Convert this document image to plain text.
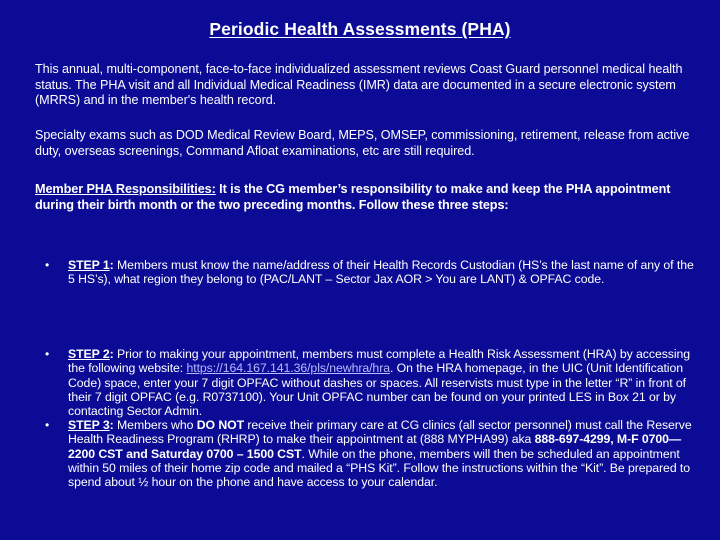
Periodic Health Assessments (PHA)
This annual, multi-component, face-to-face individualized assessment reviews Coast Guard personnel medical health status. The PHA visit and all Individual Medical Readiness (IMR) data are documented in a secure electronic system (MRRS) and in the member's health record.
Specialty exams such as DOD Medical Review Board, MEPS, OMSEP, commissioning, retirement, release from active duty, overseas screenings, Command Afloat examinations, etc are still required.
Member PHA Responsibilities: It is the CG member’s responsibility to make and keep the PHA appointment during their birth month or the two preceding months. Follow these three steps:
•	STEP 1: Members must know the name/address of their Health Records Custodian (HS’s the last name of any of the 5 HS’s), what region they belong to (PAC/LANT – Sector Jax AOR > You are LANT) & OPFAC code.
•	STEP 2: Prior to making your appointment, members must complete a Health Risk Assessment (HRA) by accessing the following website: https://164.167.141.36/pls/newhra/hra. On the HRA homepage, in the UIC (Unit Identification Code) space, enter your 7 digit OPFAC without dashes or spaces. All reservists must type in the letter “R” in front of their 7 digit OPFAC (e.g. R0737100). Your Unit OPFAC number can be found on your printed LES in Box 21 or by contacting Sector Admin.
•	STEP 3: Members who DO NOT receive their primary care at CG clinics (all sector personnel) must call the Reserve Health Readiness Program (RHRP) to make their appointment at (888 MYPHA99) aka 888-697-4299, M-F 0700—2200 CST and Saturday 0700 – 1500 CST. While on the phone, members will then be scheduled an appointment within 50 miles of their home zip code and mailed a “PHS Kit”. Follow the instructions within the “Kit”. Be prepared to spend about ½ hour on the phone and have access to your calendar.
